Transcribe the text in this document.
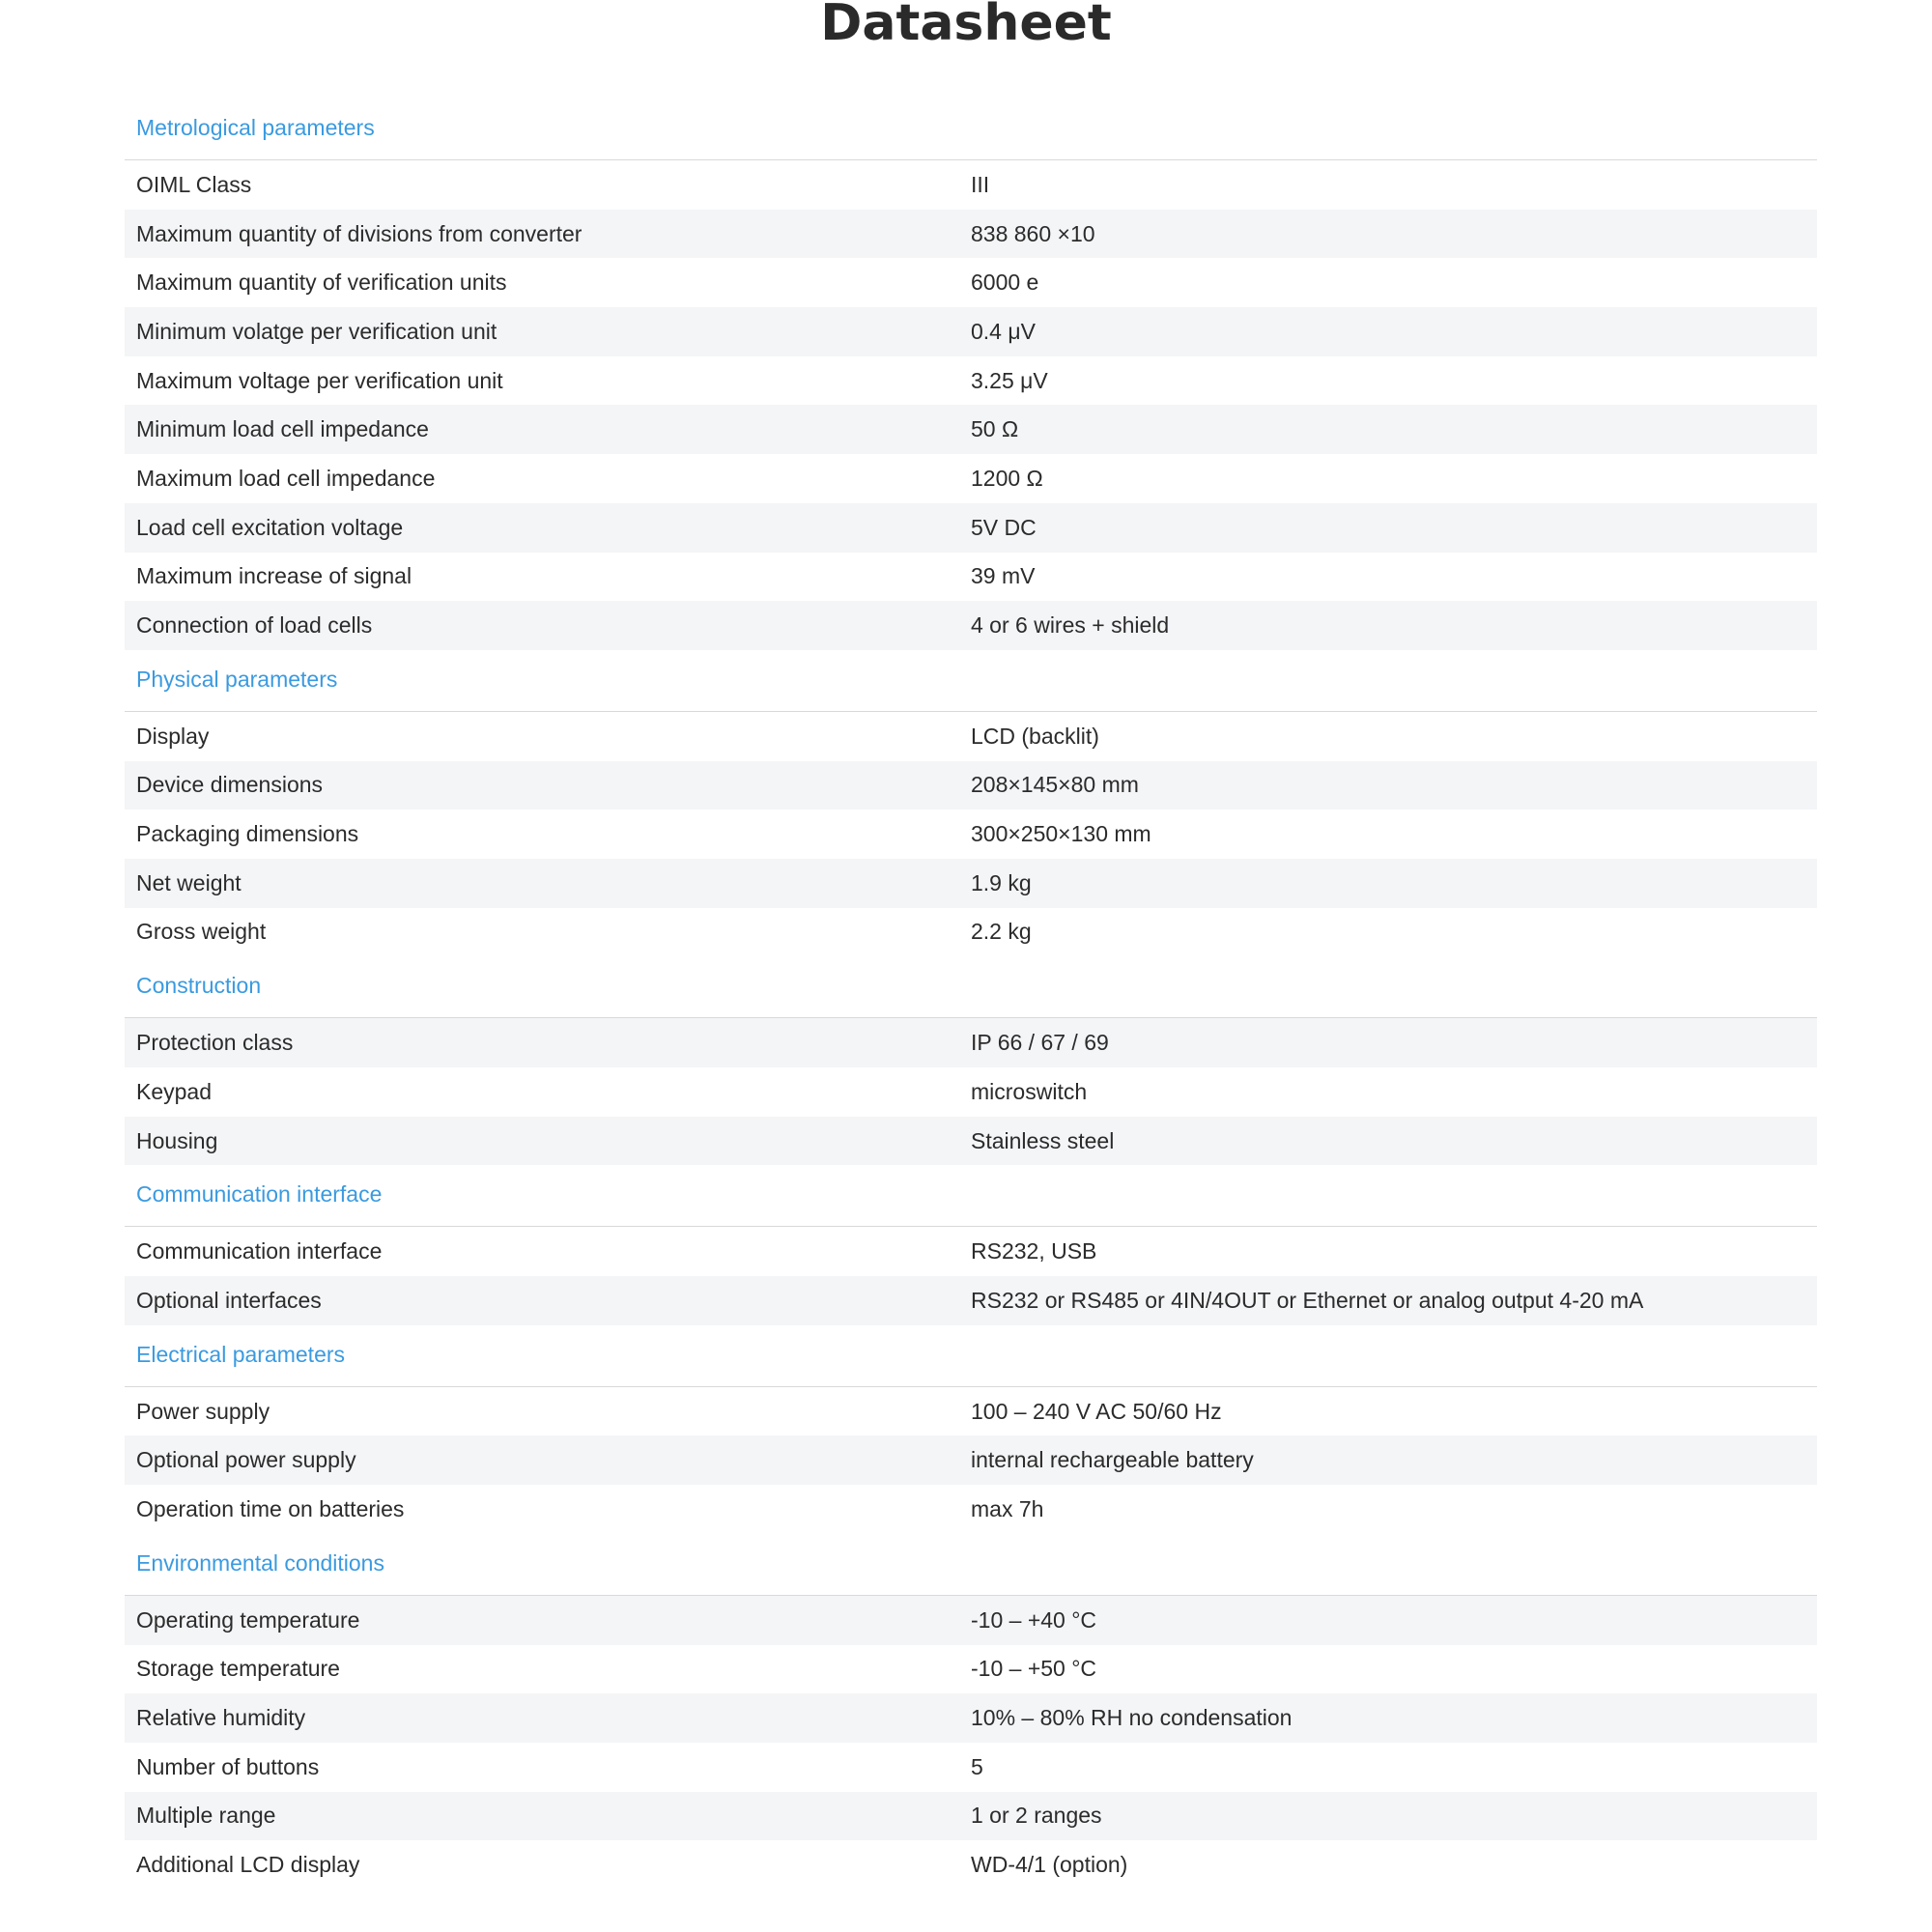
Datasheet
Metrological parameters
OIML Class	III
Maximum quantity of divisions from converter	838 860 ×10
Maximum quantity of verification units	6000 e
Minimum volatge per verification unit	0.4 μV
Maximum voltage per verification unit	3.25 μV
Minimum load cell impedance	50 Ω
Maximum load cell impedance	1200 Ω
Load cell excitation voltage	5V DC
Maximum increase of signal	39 mV
Connection of load cells	4 or 6 wires + shield
Physical parameters
Display	LCD (backlit)
Device dimensions	208×145×80 mm
Packaging dimensions	300×250×130 mm
Net weight	1.9 kg
Gross weight	2.2 kg
Construction
Protection class	IP 66 / 67 / 69
Keypad	microswitch
Housing	Stainless steel
Communication interface
Communication interface	RS232, USB
Optional interfaces	RS232 or RS485 or 4IN/4OUT or Ethernet or analog output 4-20 mA
Electrical parameters
Power supply	100 – 240 V AC 50/60 Hz
Optional power supply	internal rechargeable battery
Operation time on batteries	max 7h
Environmental conditions
Operating temperature	-10 – +40 °C
Storage temperature	-10 – +50 °C
Relative humidity	10% – 80% RH no condensation
Number of buttons	5
Multiple range	1 or 2 ranges
Additional LCD display	WD-4/1 (option)
